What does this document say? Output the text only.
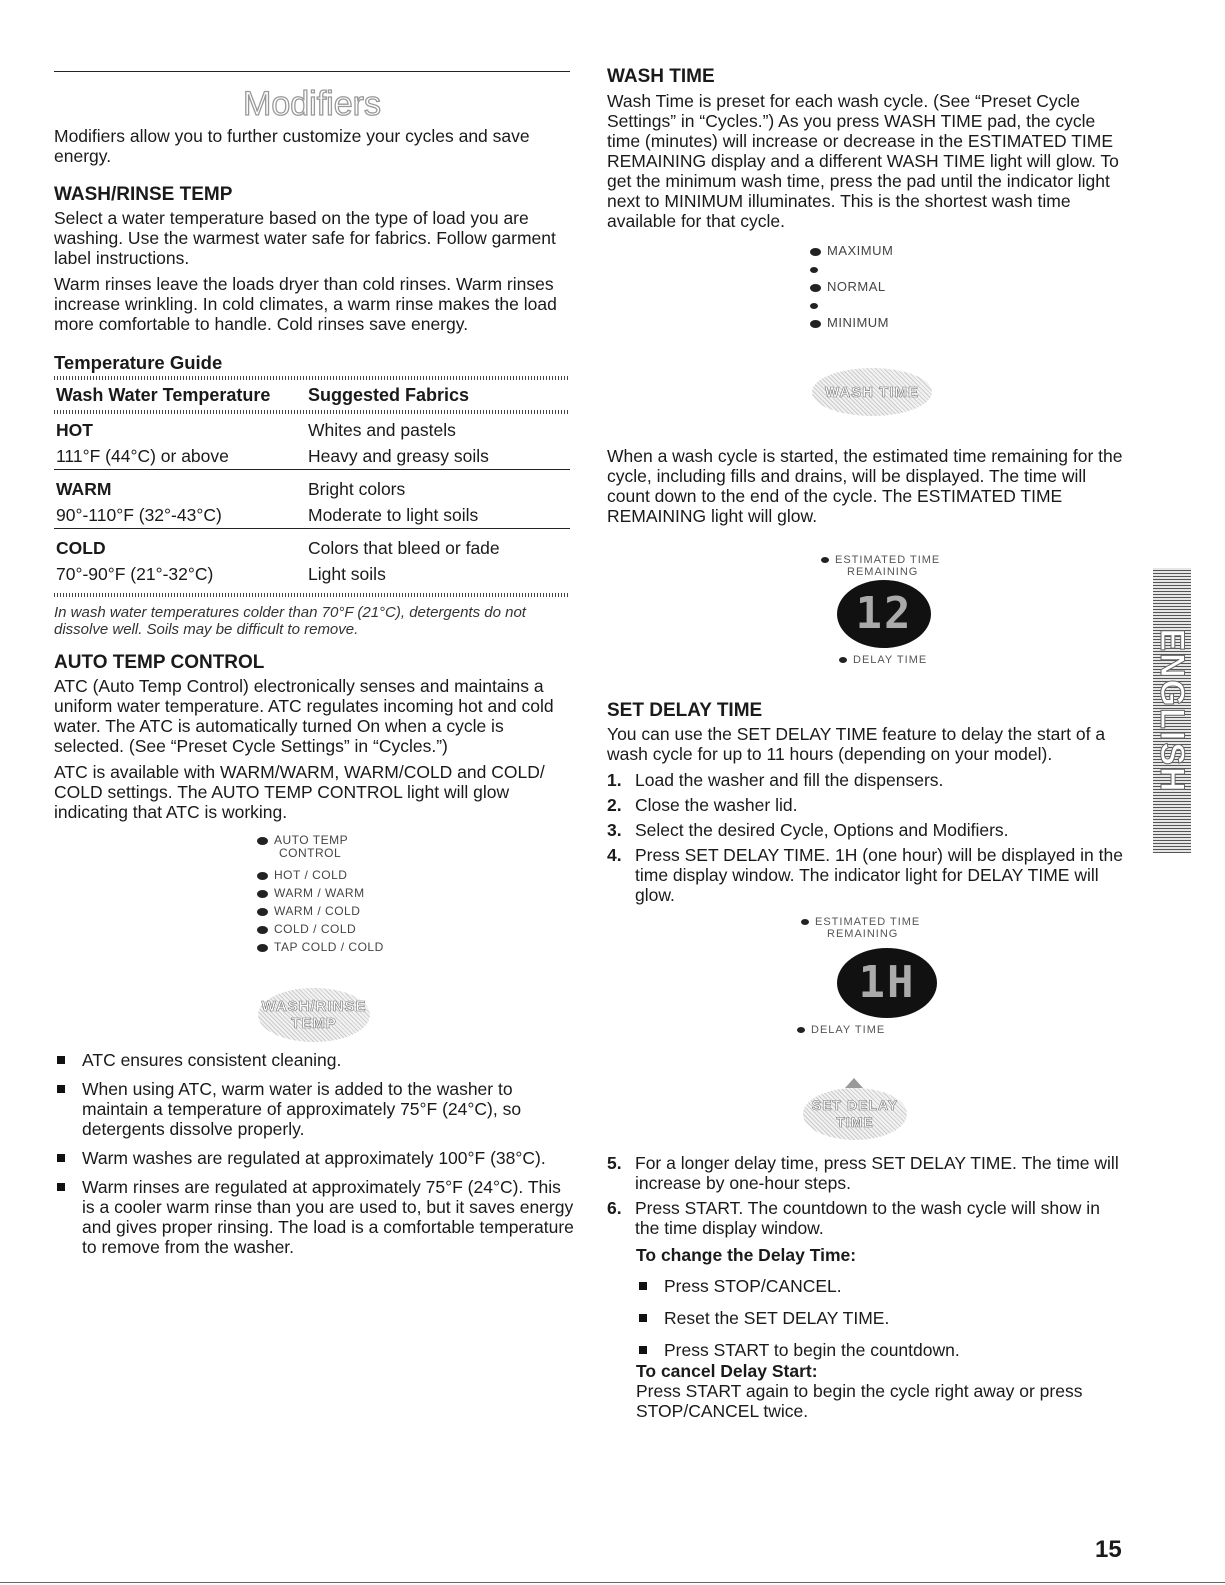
Modifiers

Modifiers allow you to further customize your cycles and save energy.

WASH/RINSE TEMP

Select a water temperature based on the type of load you are washing. Use the warmest water safe for fabrics. Follow garment label instructions.

Warm rinses leave the loads dryer than cold rinses. Warm rinses increase wrinkling. In cold climates, a warm rinse makes the load more comfortable to handle. Cold rinses save energy.

Temperature Guide
Wash Water Temperature	Suggested Fabrics
HOT	Whites and pastels
111°F (44°C) or above	Heavy and greasy soils
WARM	Bright colors
90°-110°F (32°-43°C)	Moderate to light soils
COLD	Colors that bleed or fade
70°-90°F (21°-32°C)	Light soils

In wash water temperatures colder than 70°F (21°C), detergents do not dissolve well. Soils may be difficult to remove.

AUTO TEMP CONTROL

ATC (Auto Temp Control) electronically senses and maintains a uniform water temperature. ATC regulates incoming hot and cold water. The ATC is automatically turned On when a cycle is selected. (See “Preset Cycle Settings” in “Cycles.”)

ATC is available with WARM/WARM, WARM/COLD and COLD/ COLD settings. The AUTO TEMP CONTROL light will glow indicating that ATC is working.

AUTO TEMP
CONTROL
HOT / COLD
WARM / WARM
WARM / COLD
COLD / COLD
TAP COLD / COLD
WASH/RINSE
TEMP
ATC ensures consistent cleaning.
When using ATC, warm water is added to the washer to maintain a temperature of approximately 75°F (24°C), so detergents dissolve properly.
Warm washes are regulated at approximately 100°F (38°C).
Warm rinses are regulated at approximately 75°F (24°C). This is a cooler warm rinse than you are used to, but it saves energy and gives proper rinsing. The load is a comfortable temperature to remove from the washer.
WASH TIME

Wash Time is preset for each wash cycle. (See “Preset Cycle Settings” in “Cycles.”) As you press WASH TIME pad, the cycle time (minutes) will increase or decrease in the ESTIMATED TIME REMAINING display and a different WASH TIME light will glow. To get the minimum wash time, press the pad until the indicator light next to MINIMUM illuminates. This is the shortest wash time available for that cycle.

MAXIMUM
NORMAL
MINIMUM
WASH TIME

When a wash cycle is started, the estimated time remaining for the cycle, including fills and drains, will be displayed. The time will count down to the end of the cycle. The ESTIMATED TIME REMAINING light will glow.

ESTIMATED TIME
REMAINING
12
DELAY TIME
SET DELAY TIME

You can use the SET DELAY TIME feature to delay the start of a wash cycle for up to 11 hours (depending on your model).

1. Load the washer and fill the dispensers.
2. Close the washer lid.
3. Select the desired Cycle, Options and Modifiers.
4. Press SET DELAY TIME. 1H (one hour) will be displayed in the time display window. The indicator light for DELAY TIME will glow.
ESTIMATED TIME
REMAINING
1H
DELAY TIME
SET DELAY
TIME
5. For a longer delay time, press SET DELAY TIME. The time will increase by one-hour steps.
6. Press START. The countdown to the wash cycle will show in the time display window.
To change the Delay Time:
Press STOP/CANCEL.
Reset the SET DELAY TIME.
Press START to begin the countdown.
To cancel Delay Start:

Press START again to begin the cycle right away or press STOP/CANCEL twice.

ENGLISH
15
